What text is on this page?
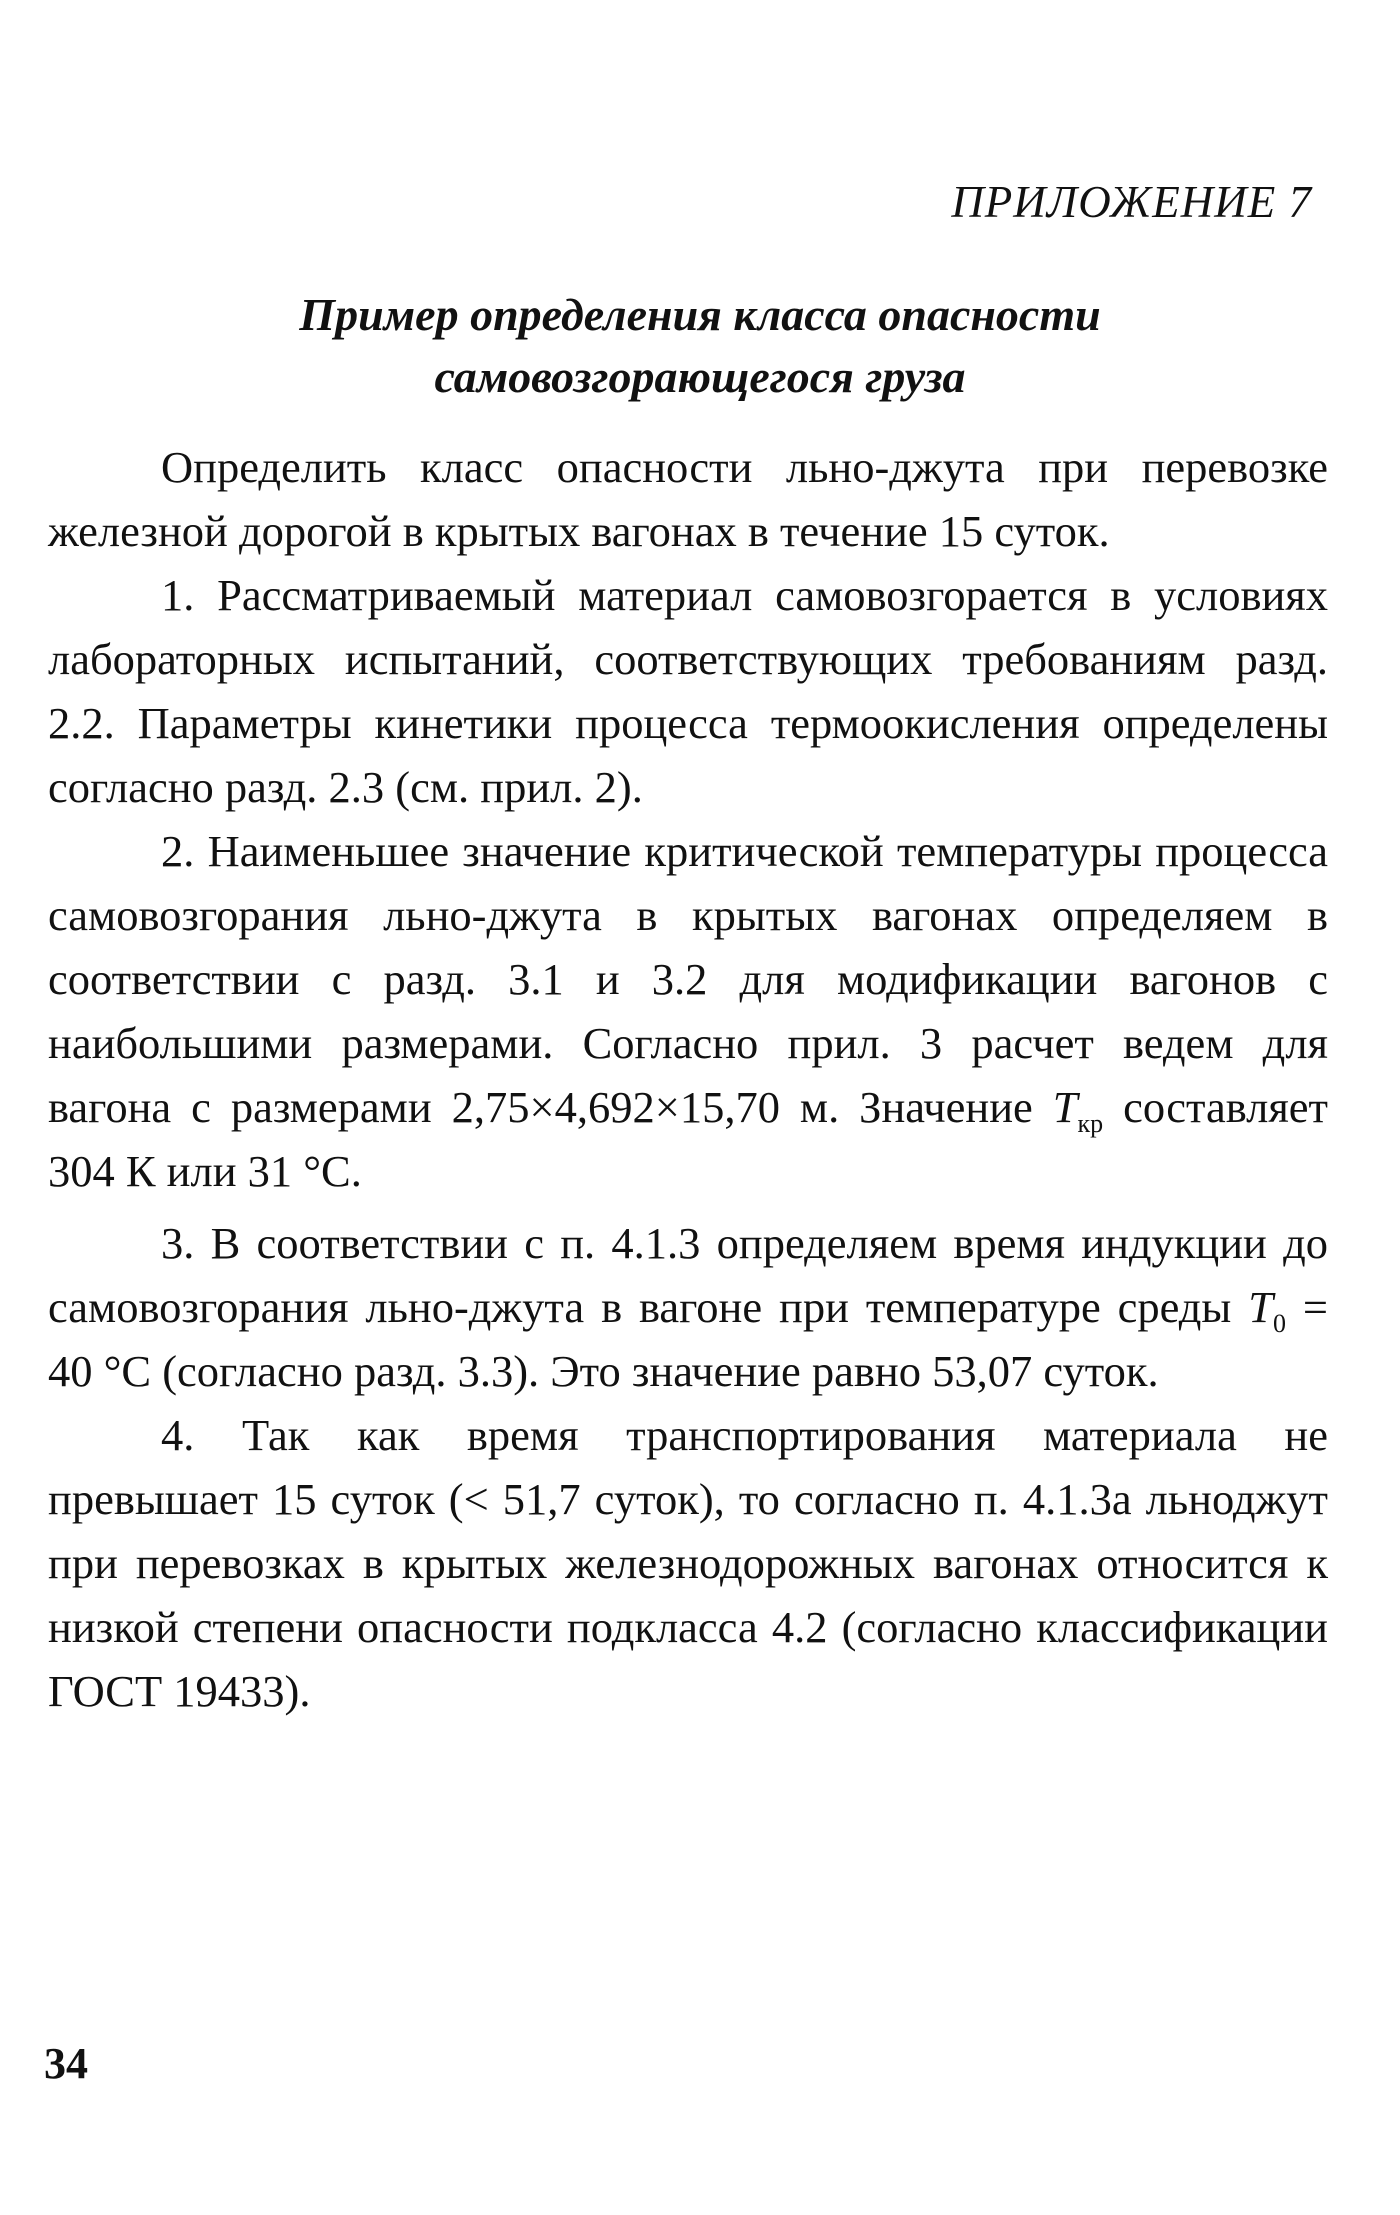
ПРИЛОЖЕНИЕ 7
Пример определения класса опасности
самовозгорающегося груза

Определить класс опасности льно-джута при перевозке железной дорогой в крытых вагонах в течение 15 суток.

1. Рассматриваемый материал самовозгорается в условиях лабораторных испытаний, соответствующих требованиям разд. 2.2. Параметры кинетики процесса термоокисления определены согласно разд. 2.3 (см. прил. 2).

2. Наименьшее значение критической температуры процесса самовозгорания льно-джута в крытых вагонах определяем в соответствии с разд. 3.1 и 3.2 для модификации вагонов с наибольшими размерами. Согласно прил. 3 расчет ведем для вагона с размерами 2,75×4,692×15,70 м. Значение $T_{кр}$ составляет 304 К или 31 °С.

3. В соответствии с п. 4.1.3 определяем время индукции до самовозгорания льно-джута в вагоне при температуре среды $T_0 = 40$ °С (согласно разд. 3.3). Это значение равно 53,07 суток.

4. Так как время транспортирования материала не превышает 15 суток (< 51,7 суток), то согласно п. 4.1.3а льноджут при перевозках в крытых железнодорожных вагонах относится к низкой степени опасности подкласса 4.2 (согласно классификации ГОСТ 19433).

34
